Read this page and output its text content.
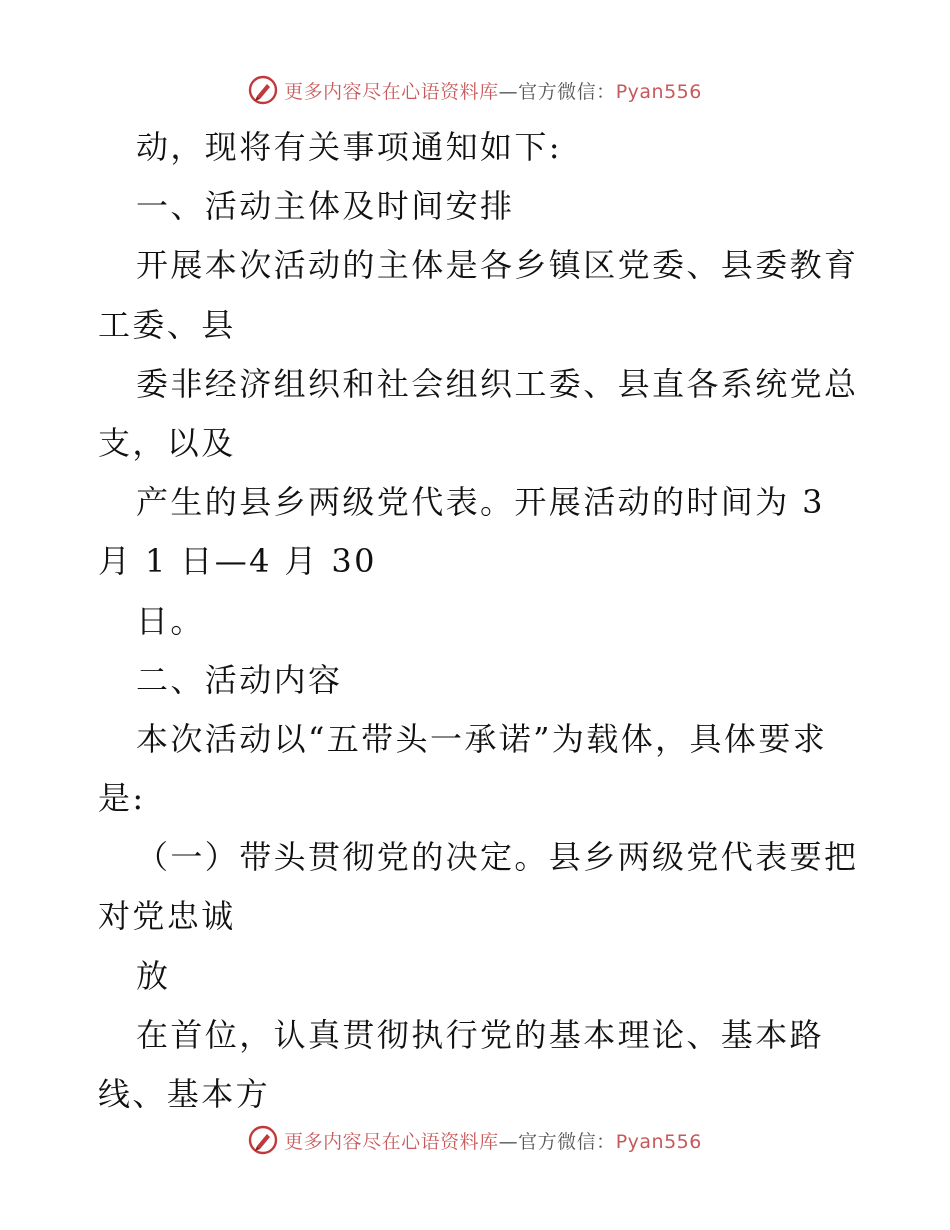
更多内容尽在心语资料库—官方微信：Pyan556
动，现将有关事项通知如下:
一、活动主体及时间安排
开展本次活动的主体是各乡镇区党委、县委教育
工委、县
委非经济组织和社会组织工委、县直各系统党总
支，以及
产生的县乡两级党代表。开展活动的时间为 3
月 1 日—4 月 30
日。
二、活动内容
本次活动以“五带头一承诺”为载体，具体要求
是:
（一）带头贯彻党的决定。县乡两级党代表要把
对党忠诚
放
在首位，认真贯彻执行党的基本理论、基本路
线、基本方
更多内容尽在心语资料库—官方微信：Pyan556
